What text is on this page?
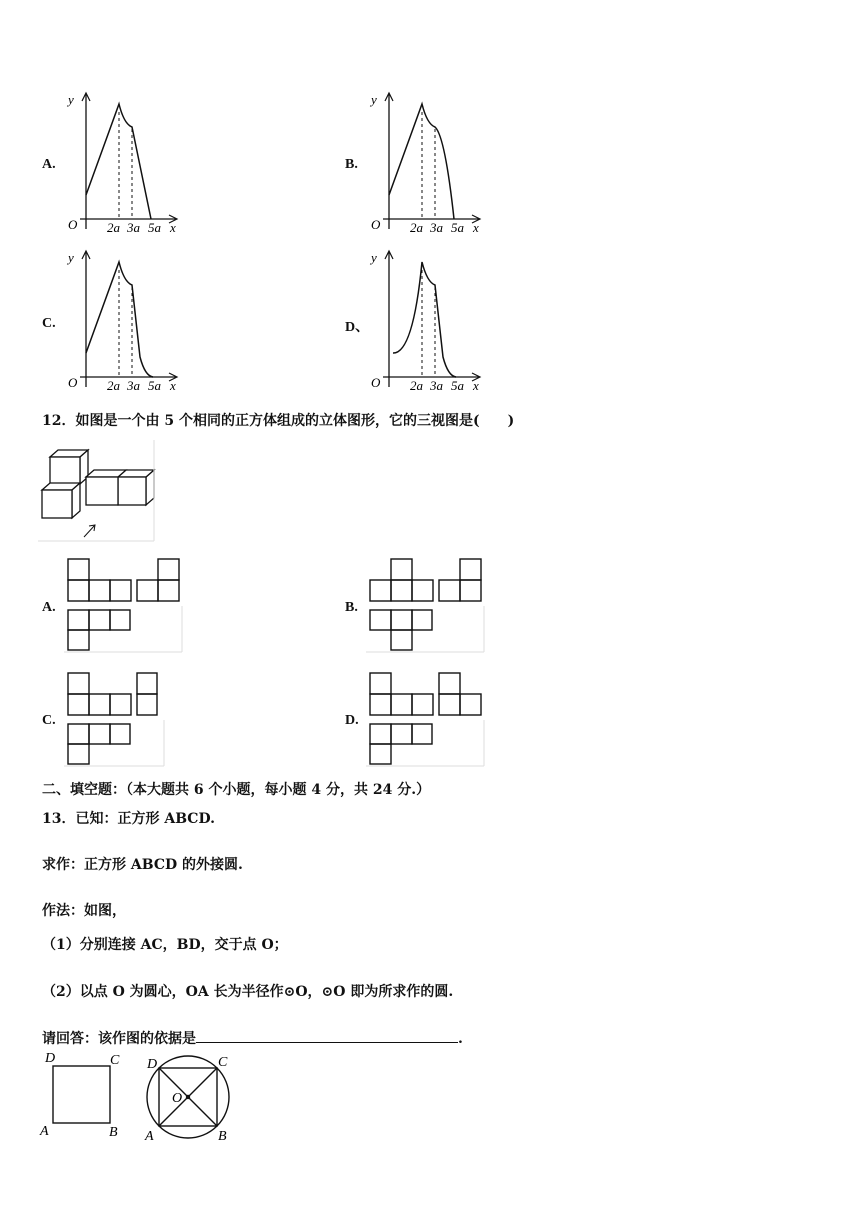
A.	B.
C.	D、
y
O 2a 3a 5a x
y
O 2a 3a 5a x
y
O 2a 3a 5a x
y
O 2a 3a 5a x
12．如图是一个由 5 个相同的正方体组成的立体图形，它的三视图是(　　)
A.	B.
C.	D.
二、填空题：（本大题共 6 个小题，每小题 4 分，共 24 分.）
13．已知：正方形 ABCD.
求作：正方形 ABCD 的外接圆.
作法：如图，
（1）分别连接 AC，BD，交于点 O；
（2）以点 O 为圆心，OA 长为半径作⊙O，⊙O 即为所求作的圆.
请回答：该作图的依据是	.
D	C
A	B
D	C
A	B
O
